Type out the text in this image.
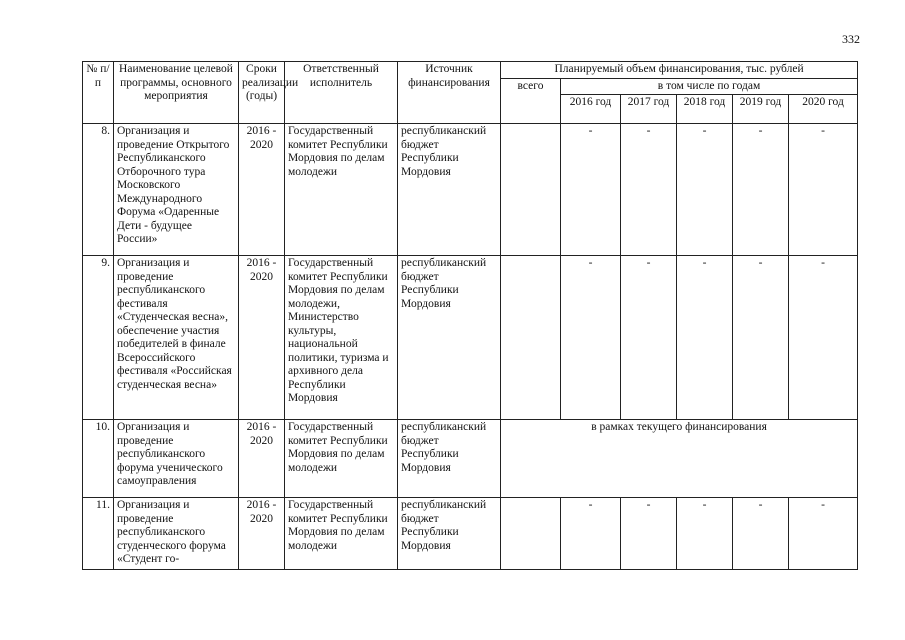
332
№ п/п	Наименование целевой программы, основного мероприятия	Сроки реализации (годы)	Ответственный исполнитель	Источник финансирования	Планируемый объем финансирования, тыс. рублей					
					всего	в том числе по годам				
						2016 год	2017 год	2018 год	2019 год	2020 год
8.	Организация и проведение Открытого Республиканского Отборочного тура Московского Международного Форума «Одаренные Дети - будущее России»	2016 - 2020	Государственный комитет Республики Мордовия по делам молодежи	республиканский бюджет Республики Мордовия		-	-	-	-	-
9.	Организация и проведение республиканского фестиваля «Студенческая весна», обеспечение участия победителей в финале Всероссийского фестиваля «Российская студенческая весна»	2016 - 2020	Государственный комитет Республики Мордовия по делам молодежи, Министерство культуры, национальной политики, туризма и архивного дела Республики Мордовия	республиканский бюджет Республики Мордовия		-	-	-	-	-
10.	Организация и проведение республиканского форума ученического самоуправления	2016 - 2020	Государственный комитет Республики Мордовия по делам молодежи	республиканский бюджет Республики Мордовия	в рамках текущего финансирования					
11.	Организация и проведение республиканского студенческого форума «Студент го-	2016 - 2020	Государственный комитет Республики Мордовия по делам молодежи	республиканский бюджет Республики Мордовия		-	-	-	-	-
